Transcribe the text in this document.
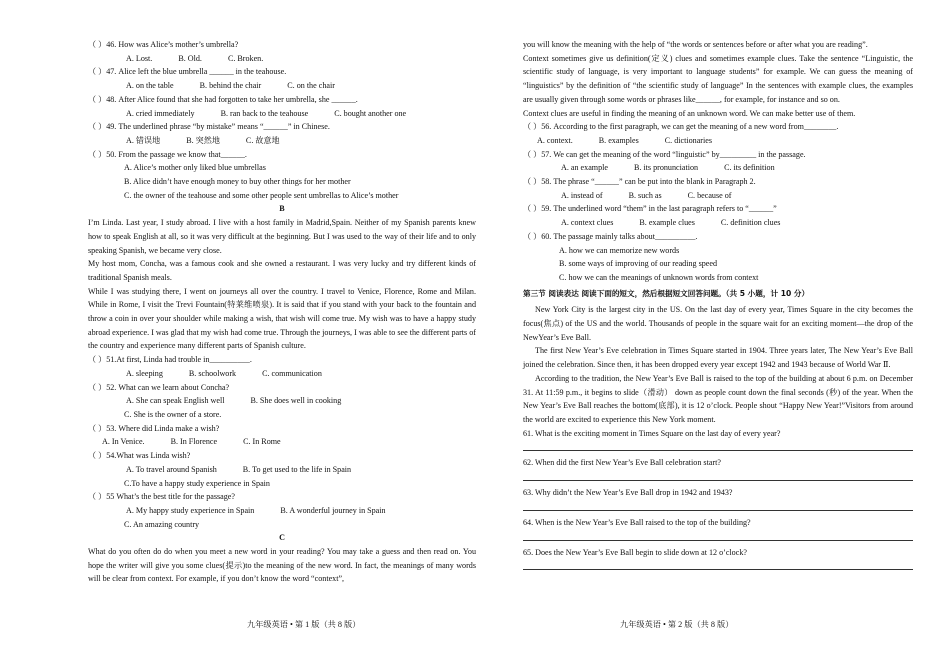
（ ）46. How was Alice’s mother’s umbrella?
A. Lost.	B. Old.	C. Broken.
（ ）47. Alice left the blue umbrella ______ in the teahouse.
A. on the table	B. behind the chair	C. on the chair
（ ）48. After Alice found that she had forgotten to take her umbrella, she ______.
A. cried immediately	B. ran back to the teahouse	C. bought another one
（ ）49. The underlined phrase “by mistake” means “______” in Chinese.
A. 错误地	B. 突然地	C. 故意地
（ ）50. From the passage we know that______.
A. Alice’s mother only liked blue umbrellas
B. Alice didn’t have enough money to buy other things for her mother
C. the owner of the teahouse and some other people sent umbrellas to Alice’s mother
B
I’m Linda. Last year, I study abroad. I live with a host family in Madrid,Spain. Neither of my Spanish parents knew how to speak English at all, so it was very difficult at the beginning. But I was used to the way of their life and to only speaking Spanish, we became very close.
My host mom, Concha, was a famous cook and she owned a restaurant. I was very lucky and try different kinds of traditional Spanish meals.
While I was studying there, I went on journeys all over the country. I travel to Venice, Florence, Rome and Milan. While in Rome, I visit the Trevi Fountain(特莱维喷泉). It is said that if you stand with your back to the fountain and throw a coin in over your shoulder while making a wish, that wish will come true. My wish was to have a happy study abroad experience. I was glad that my wish had come true. Through the journeys, I was able to see the different parts of the country and experience many different parts of Spanish culture.
（ ）51.At first, Linda had trouble in__________.
A. sleeping	B. schoolwork	C. communication
（ ）52. What can we learn about Concha?
A. She can speak English well	B. She does well in cooking
C. She is the owner of a store.
（ ）53. Where did Linda make a wish?
A. In Venice.	B. In Florence	C. In Rome
（ ）54.What was Linda wish?
A. To travel around Spanish	B. To get used to the life in Spain
C.To have a happy study experience in Spain
（ ）55 What’s the best title for the passage?
A. My happy study experience in Spain	B. A wonderful journey in Spain
C. An amazing country
C
What do you often do do when you meet a new word in your reading? You may take a guess and then read on. You hope the writer will give you some clues(提示)to the meaning of the new word. In fact, the meanings of many words will be clear from context. For example, if you don’t know the word “context”,
you will know the meaning with the help of “the words or sentences before or after what you are reading”.
Context sometimes give us definition(定义) clues and sometimes example clues. Take the sentence “Linguistic, the scientific study of language, is very important to language students” for example. We can guess the meaning of “linguistics” by the definition of “the scientific study of language” In the sentences with example clues, the examples are usually given through some words or phrases like______, for example, for instance and so on.
Context clues are useful in finding the meaning of an unknown word. We can make better use of them.
（ ）56. According to the first paragraph, we can get the meaning of a new word from________.
A. context.	B. examples	C. dictionaries
（ ）57. We can get the meaning of the word “linguistic” by_________ in the passage.
A. an example	B. its pronunciation	C. its definition
（ ）58. The phrase “______” can be put into the blank in Paragraph 2.
A. instead of	B. such as	C. because of
（ ）59. The underlined word “them” in the last paragraph refers to “______”
A. context clues	B. example clues	C. definition clues
（ ）60. The passage mainly talks about__________.
A. how we can memorize new words
B. some ways of improving of our reading speed
C. how we can the meanings of unknown words from context
第三节 阅读表达 阅读下面的短文，然后根据短文回答问题。（共 5 小题，计 10 分）
New York City is the largest city in the US. On the last day of every year, Times Square in the city becomes the focus(焦点) of the US and the world. Thousands of people in the square wait for an exciting moment—the drop of the NewYear’s Eve Ball.
The first New Year’s Eve celebration in Times Square started in 1904. Three years later, The New Year’s Eve Ball joined the celebration. Since then, it has been dropped every year except 1942 and 1943 because of World War Ⅱ.
According to the tradition, the New Year’s Eve Ball is raised to the top of the building at about 6 p.m. on December 31. At 11:59 p.m., it begins to slide（滑动） down as people count down the final seconds (秒) of the year. When the New Year’s Eve Ball reaches the bottom(底部), it is 12 o’clock. People shout “Happy New Year!”Visitors from around the world are excited to experience this New York moment.
61. What is the exciting moment in Times Square on the last day of every year?
62. When did the first New Year’s Eve Ball celebration start?
63. Why didn’t the New Year’s Eve Ball drop in 1942 and 1943?
64. When is the New Year’s Eve Ball raised to the top of the building?
65. Does the New Year’s Eve Ball begin to slide down at 12 o’clock?
九年级英语 • 第 1 版（共 8 版）	九年级英语 • 第 2 版（共 8 版）
